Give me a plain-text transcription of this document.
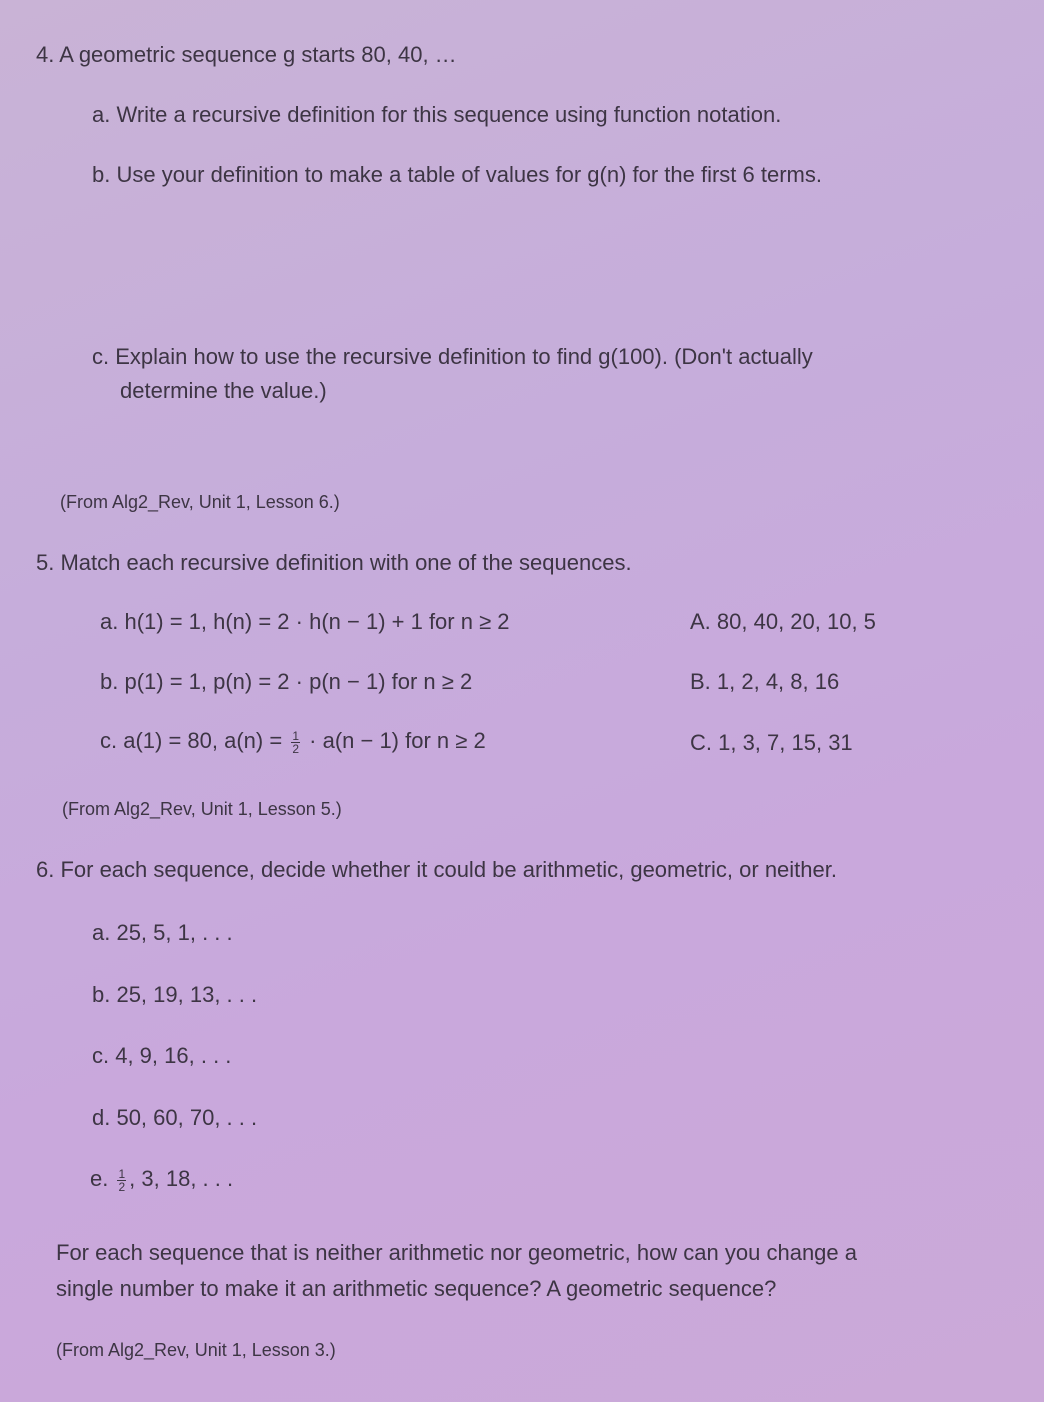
4. A geometric sequence g starts 80, 40, …
a. Write a recursive definition for this sequence using function notation.
b. Use your definition to make a table of values for g(n) for the first 6 terms.
c. Explain how to use the recursive definition to find g(100). (Don't actually
determine the value.)
(From Alg2_Rev, Unit 1, Lesson 6.)
5. Match each recursive definition with one of the sequences.
a. h(1) = 1, h(n) = 2 · h(n − 1) + 1 for n ≥ 2
b. p(1) = 1, p(n) = 2 · p(n − 1) for n ≥ 2
c. a(1) = 80, $a(n) = \frac{1}{2} \cdot a(n - 1)$ for n ≥ 2
A. 80, 40, 20, 10, 5
B. 1, 2, 4, 8, 16
C. 1, 3, 7, 15, 31
(From Alg2_Rev, Unit 1, Lesson 5.)
6. For each sequence, decide whether it could be arithmetic, geometric, or neither.
a. 25, 5, 1, . . .
b. 25, 19, 13, . . .
c. 4, 9, 16, . . .
d. 50, 60, 70, . . .
e. $\frac{1}{2}$ , 3, 18, . . .
For each sequence that is neither arithmetic nor geometric, how can you change a
single number to make it an arithmetic sequence? A geometric sequence?
(From Alg2_Rev, Unit 1, Lesson 3.)
